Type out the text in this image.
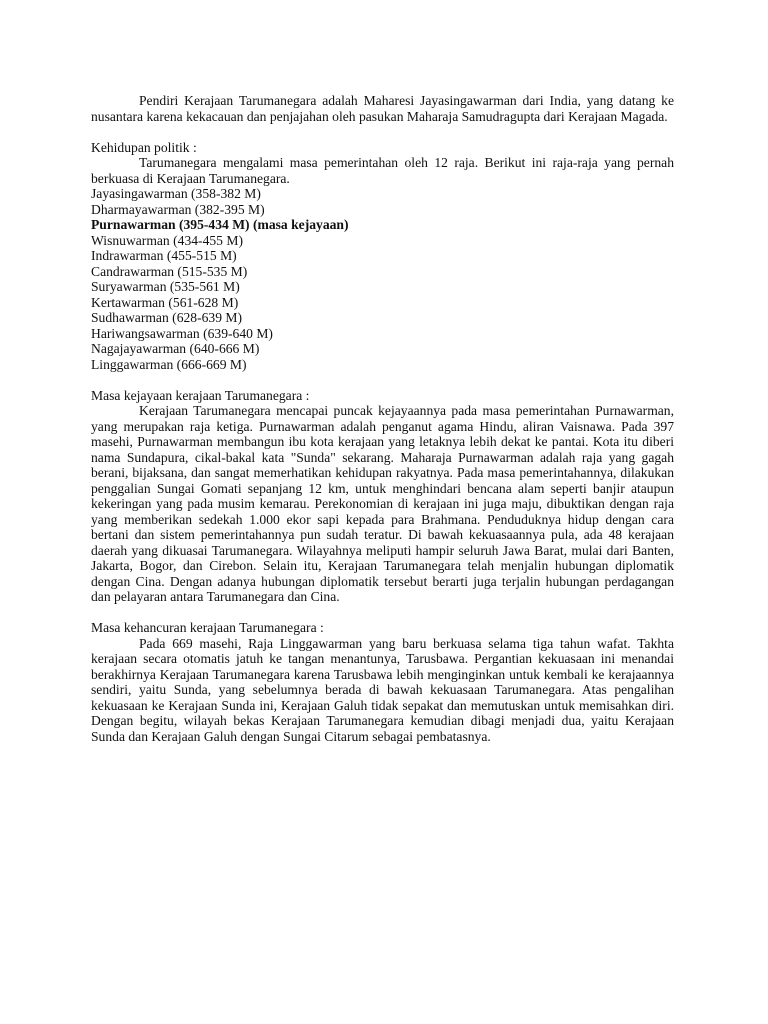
Pendiri Kerajaan Tarumanegara adalah Maharesi Jayasingawarman dari India, yang datang ke nusantara karena kekacauan dan penjajahan oleh pasukan Maharaja Samudragupta dari Kerajaan Magada.

Kehidupan politik :

Tarumanegara mengalami masa pemerintahan oleh 12 raja. Berikut ini raja-raja yang pernah berkuasa di Kerajaan Tarumanegara.

Jayasingawarman (358-382 M)
Dharmayawarman (382-395 M)
Purnawarman (395-434 M) (masa kejayaan)
Wisnuwarman (434-455 M)
Indrawarman (455-515 M)
Candrawarman (515-535 M)
Suryawarman (535-561 M)
Kertawarman (561-628 M)
Sudhawarman (628-639 M)
Hariwangsawarman (639-640 M)
Nagajayawarman (640-666 M)
Linggawarman (666-669 M)

Masa kejayaan kerajaan Tarumanegara :

Kerajaan Tarumanegara mencapai puncak kejayaannya pada masa pemerintahan Purnawarman, yang merupakan raja ketiga. Purnawarman adalah penganut agama Hindu, aliran Vaisnawa. Pada 397 masehi, Purnawarman membangun ibu kota kerajaan yang letaknya lebih dekat ke pantai. Kota itu diberi nama Sundapura, cikal-bakal kata "Sunda" sekarang. Maharaja Purnawarman adalah raja yang gagah berani, bijaksana, dan sangat memerhatikan kehidupan rakyatnya. Pada masa pemerintahannya, dilakukan penggalian Sungai Gomati sepanjang 12 km, untuk menghindari bencana alam seperti banjir ataupun kekeringan yang pada musim kemarau. Perekonomian di kerajaan ini juga maju, dibuktikan dengan raja yang memberikan sedekah 1.000 ekor sapi kepada para Brahmana. Penduduknya hidup dengan cara bertani dan sistem pemerintahannya pun sudah teratur. Di bawah kekuasaannya pula, ada 48 kerajaan daerah yang dikuasai Tarumanegara. Wilayahnya meliputi hampir seluruh Jawa Barat, mulai dari Banten, Jakarta, Bogor, dan Cirebon. Selain itu, Kerajaan Tarumanegara telah menjalin hubungan diplomatik dengan Cina. Dengan adanya hubungan diplomatik tersebut berarti juga terjalin hubungan perdagangan dan pelayaran antara Tarumanegara dan Cina.

Masa kehancuran kerajaan Tarumanegara :

Pada 669 masehi, Raja Linggawarman yang baru berkuasa selama tiga tahun wafat. Takhta kerajaan secara otomatis jatuh ke tangan menantunya, Tarusbawa. Pergantian kekuasaan ini menandai berakhirnya Kerajaan Tarumanegara karena Tarusbawa lebih menginginkan untuk kembali ke kerajaannya sendiri, yaitu Sunda, yang sebelumnya berada di bawah kekuasaan Tarumanegara. Atas pengalihan kekuasaan ke Kerajaan Sunda ini, Kerajaan Galuh tidak sepakat dan memutuskan untuk memisahkan diri. Dengan begitu, wilayah bekas Kerajaan Tarumanegara kemudian dibagi menjadi dua, yaitu Kerajaan Sunda dan Kerajaan Galuh dengan Sungai Citarum sebagai pembatasnya.
